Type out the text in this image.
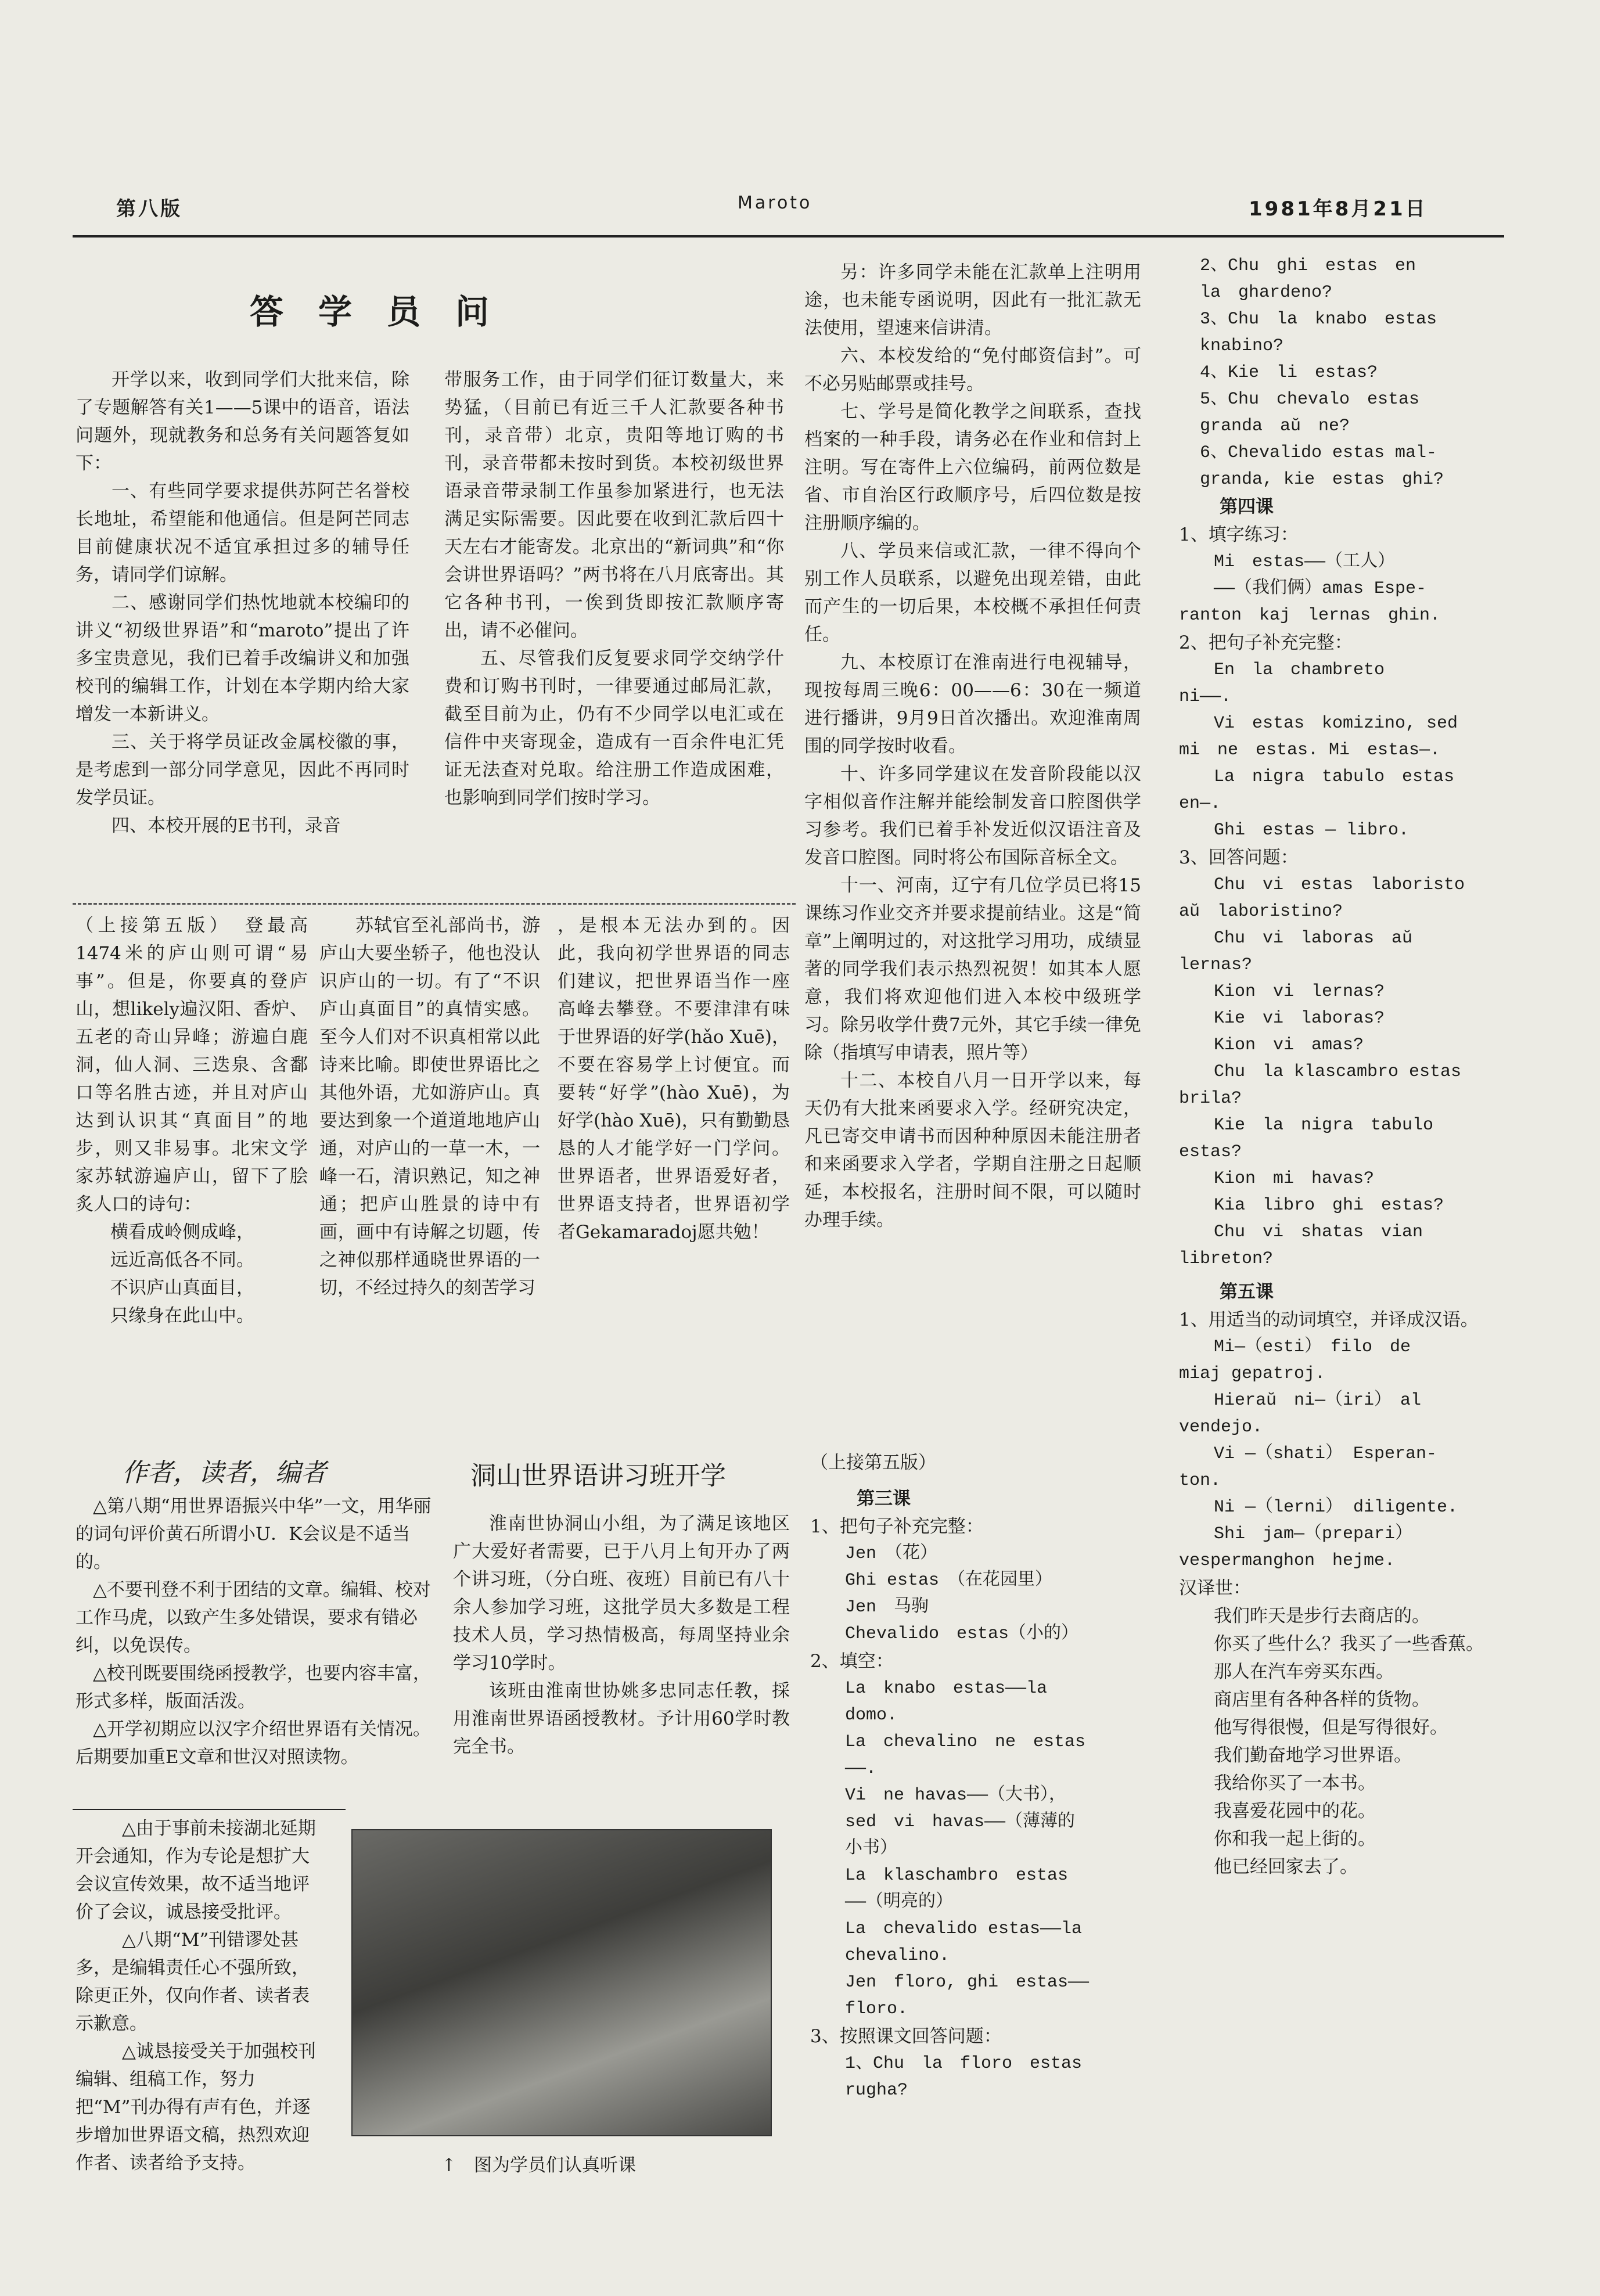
第八版	Maroto	1981年8月21日
答学员问

开学以来，收到同学们大批来信，除了专题解答有关1——5课中的语音，语法问题外，现就教务和总务有关问题答复如下：

一、有些同学要求提供苏阿芒名誉校长地址，希望能和他通信。但是阿芒同志目前健康状况不适宜承担过多的辅导任务，请同学们谅解。

二、感谢同学们热忱地就本校编印的讲义“初级世界语”和“maroto”提出了许多宝贵意见，我们已着手改编讲义和加强校刊的编辑工作，计划在本学期内给大家增发一本新讲义。

三、关于将学员证改金属校徽的事，是考虑到一部分同学意见，因此不再同时发学员证。

四、本校开展的E书刊，录音

带服务工作，由于同学们征订数量大，来势猛，（目前已有近三千人汇款要各种书刊，录音带）北京，贵阳等地订购的书刊，录音带都未按时到货。本校初级世界语录音带录制工作虽参加紧进行，也无法满足实际需要。因此要在收到汇款后四十天左右才能寄发。北京出的“新词典”和“你会讲世界语吗？”两书将在八月底寄出。其它各种书刊，一俟到货即按汇款顺序寄出，请不必催问。

五、尽管我们反复要求同学交纳学什费和订购书刊时，一律要通过邮局汇款，截至目前为止，仍有不少同学以电汇或在信件中夹寄现金，造成有一百余件电汇凭证无法查对兑取。给注册工作造成困难，也影响到同学们按时学习。

另：许多同学未能在汇款单上注明用途，也未能专函说明，因此有一批汇款无法使用，望速来信讲清。

六、本校发给的“免付邮资信封”。可不必另贴邮票或挂号。

七、学号是简化教学之间联系，查找档案的一种手段，请务必在作业和信封上注明。写在寄件上六位编码，前两位数是省、市自治区行政顺序号，后四位数是按注册顺序编的。

八、学员来信或汇款，一律不得向个别工作人员联系，以避免出现差错，由此而产生的一切后果，本校概不承担任何责任。

九、本校原订在淮南进行电视辅导，现按每周三晚6：00——6：30在一频道进行播讲，9月9日首次播出。欢迎淮南周围的同学按时收看。

十、许多同学建议在发音阶段能以汉字相似音作注解并能绘制发音口腔图供学习参考。我们已着手补发近似汉语注音及发音口腔图。同时将公布国际音标全文。

十一、河南，辽宁有几位学员已将15课练习作业交齐并要求提前结业。这是“简章”上阐明过的，对这批学习用功，成绩显著的同学我们表示热烈祝贺！如其本人愿意，我们将欢迎他们进入本校中级班学习。除另收学什费7元外，其它手续一律免除（指填写申请表，照片等）

十二、本校自八月一日开学以来，每天仍有大批来函要求入学。经研究决定，凡已寄交申请书而因种种原因未能注册者和来函要求入学者，学期自注册之日起顺延，本校报名，注册时间不限，可以随时办理手续。

（上接第五版）　登最高1474米的庐山则可谓“易事”。但是，你要真的登庐山，想likely遍汉阳、香炉、五老的奇山异峰；游遍白鹿洞，仙人洞、三迭泉、含鄱口等名胜古迹，并且对庐山达到认识其“真面目”的地步，则又非易事。北宋文学家苏轼游遍庐山，留下了脍炙人口的诗句：

横看成岭侧成峰，

远近高低各不同。

不识庐山真面目，

只缘身在此山中。

苏轼官至礼部尚书，游庐山大要坐轿子，他也没认识庐山的一切。有了“不识庐山真面目”的真情实感。至今人们对不识真相常以此诗来比喻。即使世界语比之其他外语，尤如游庐山。真要达到象一个道道地地庐山通，对庐山的一草一木，一峰一石，清识熟记，知之神通；把庐山胜景的诗中有画，画中有诗解之切题，传之神似那样通晓世界语的一切，不经过持久的刻苦学习

，是根本无法办到的。因此，我向初学世界语的同志们建议，把世界语当作一座高峰去攀登。不要津津有味于世界语的好学(hǎo Xuē)，不要在容易学上讨便宜。而要转“好学”(hào Xuē)，为好学(hào Xuē)，只有勤勤恳恳的人才能学好一门学问。世界语者，世界语爱好者，世界语支持者，世界语初学者Gekamaradoj愿共勉！

作者，读者，编者

△第八期“用世界语振兴中华”一文，用华丽的词句评价黄石所谓小U．K会议是不适当的。

△不要刊登不利于团结的文章。编辑、校对工作马虎，以致产生多处错误，要求有错必纠，以免误传。

△校刊既要围绕函授教学，也要内容丰富，形式多样，版面活泼。

△开学初期应以汉字介绍世界语有关情况。后期要加重E文章和世汉对照读物。

△由于事前未接湖北延期开会通知，作为专论是想扩大会议宣传效果，故不适当地评价了会议，诚恳接受批评。

△八期“M”刊错谬处甚多，是编辑责任心不强所致，除更正外，仅向作者、读者表示歉意。

△诚恳接受关于加强校刊编辑、组稿工作，努力把“M”刊办得有声有色，并逐步增加世界语文稿，热烈欢迎作者、读者给予支持。

洞山世界语讲习班开学

淮南世协洞山小组，为了满足该地区广大爱好者需要，已于八月上旬开办了两个讲习班，（分白班、夜班）目前已有八十余人参加学习班，这批学员大多数是工程技术人员，学习热情极高，每周坚持业余学习10学时。

该班由淮南世协姚多忠同志任教，採用淮南世界语函授教材。予计用60学时教完全书。

↑ 图为学员们认真听课

（上接第五版）

第三课

1、把句子补充完整：

Jen　（花）

Ghi estas　（在花园里）

Jen　马驹

Chevalido　estas（小的）

2、填空：

La　knabo　estas——la

domo.

La　chevalino　ne　estas

——.

Vi　ne havas——（大书），

sed　vi　havas——（薄薄的

小书）

La　klaschambro　estas

——（明亮的）

La　chevalido estas——la

chevalino.

Jen　floro, ghi　estas——

floro.

3、按照课文回答问题：

1、Chu　la　floro　estas

rugha?

2、Chu　ghi　estas　en

la　ghardeno?

3、Chu　la　knabo　estas

knabino?

4、Kie　li　estas?

5、Chu　chevalo　estas

granda　aŭ　ne?

6、Chevalido estas mal-

granda, kie　estas　ghi?

第四课

1、填字练习：

Mi　estas——（工人）

——（我们俩）amas Espe-

ranton　kaj　lernas　ghin.

2、把句子补充完整：

En　la　chambreto

ni——.

Vi　estas　komizino, sed

mi　ne　estas. Mi　estas—.

La　nigra　tabulo　estas

en—.

Ghi　estas — libro.

3、回答问题：

Chu　vi　estas　laboristo

aŭ　laboristino?

Chu　vi　laboras　aŭ

lernas?

Kion　vi　lernas?

Kie　vi　laboras?

Kion　vi　amas?

Chu　la klascambro estas

brila?

Kie　la　nigra　tabulo

estas?

Kion　mi　havas?

Kia　libro　ghi　estas?

Chu　vi　shatas　vian

libreton?

第五课

1、用适当的动词填空，并译成汉语。

Mi—（esti）　filo　de

miaj gepatroj.

Hieraŭ　ni—（iri）　al

vendejo.

Vi —（shati） Esperan-

ton.

Ni —（lerni） diligente.

Shi　jam—（prepari）

vespermanghon　hejme.

汉译世：

我们昨天是步行去商店的。

你买了些什么？我买了一些香蕉。

那人在汽车旁买东西。

商店里有各种各样的货物。

他写得很慢，但是写得很好。

我们勤奋地学习世界语。

我给你买了一本书。

我喜爱花园中的花。

你和我一起上街的。

他已经回家去了。
